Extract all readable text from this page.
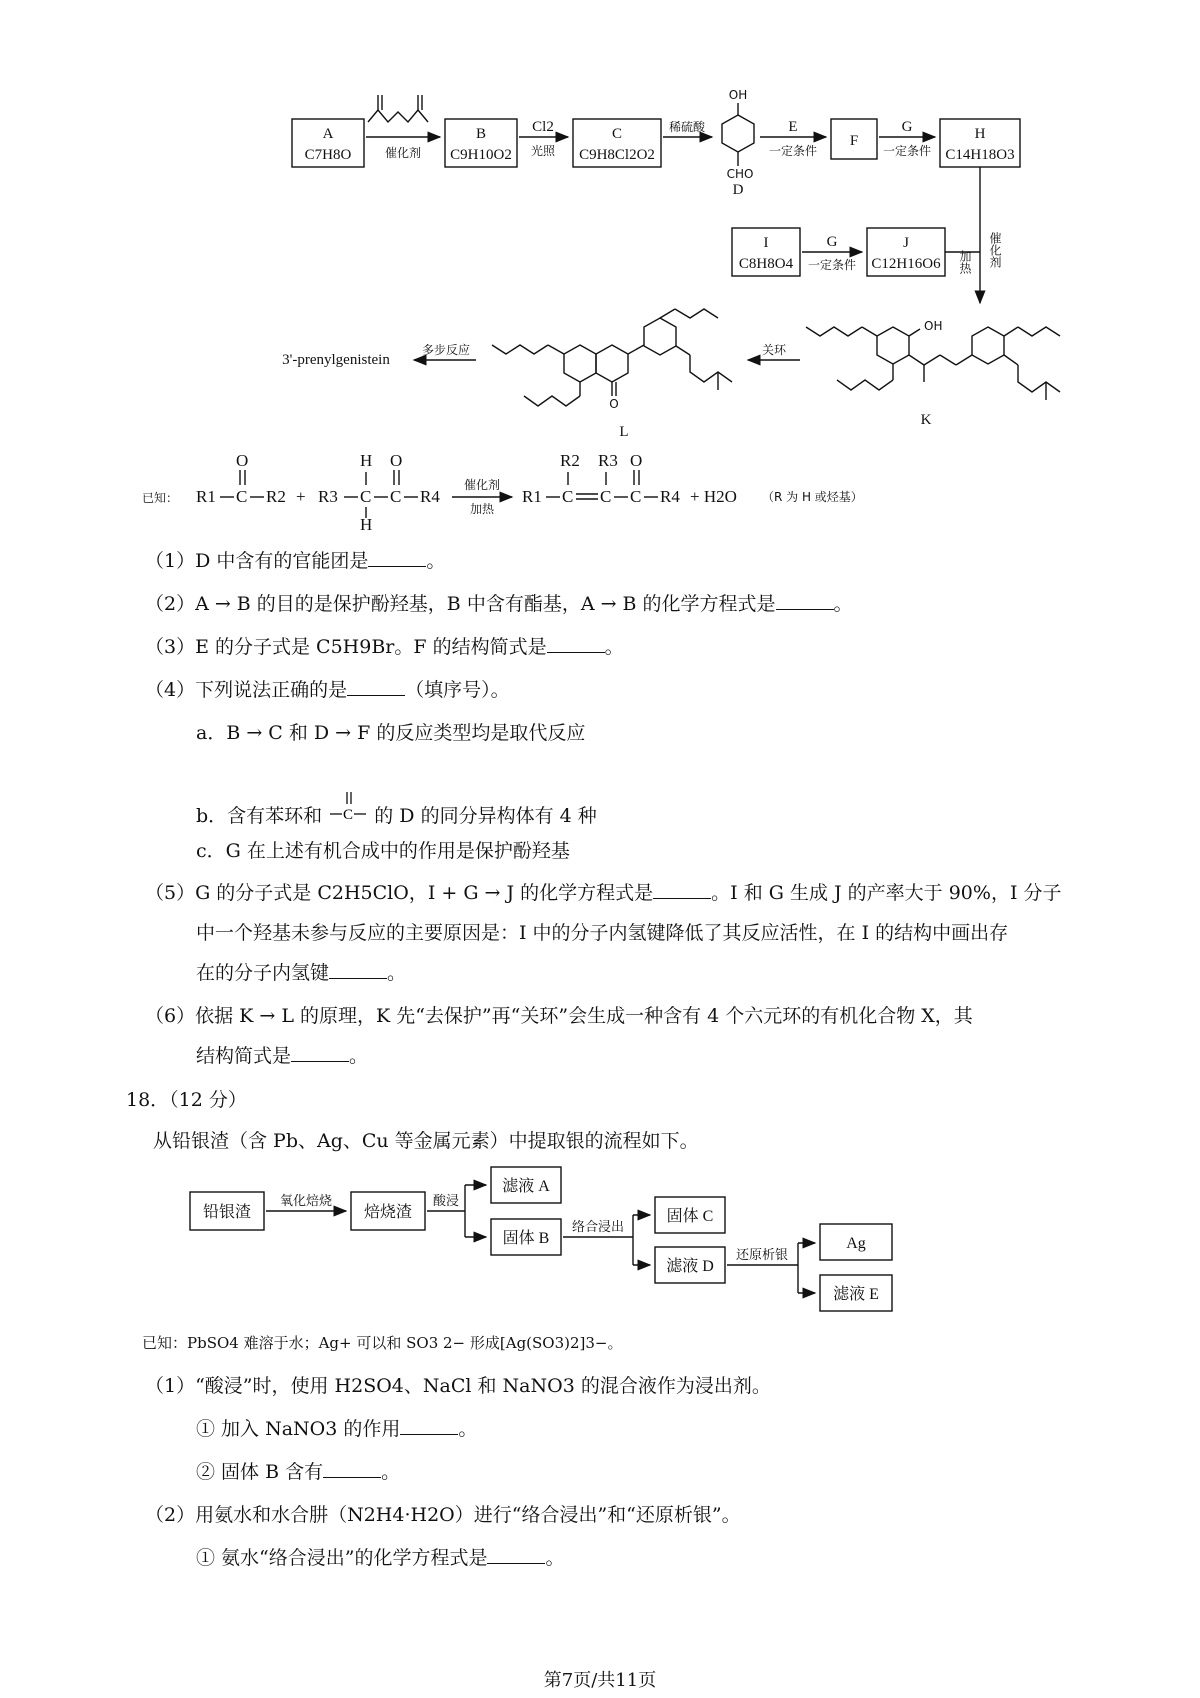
A
C7H8O	催化剂
B
C9H10O2
Cl2
光照
C
C9H8Cl2O2
稀硫酸
OH
CHO
D
E
一定条件
F
G
一定条件
H
C14H18O3
加热 催化剂
I
C8H8O4
G
一定条件
J
C12H16O6
OH
K
关环
O
L
多步反应
3'-prenylgenistein
已知： R1 C
O
R2 + R3 C
H
H
C
O
R4
催化剂
加热
R1 C
R2
C
R3
C
O
R4 + H2O （R 为 H 或烃基）
（1）D 中含有的官能团是	。
（2）A → B 的目的是保护酚羟基，B 中含有酯基，A → B 的化学方程式是	。
（3）E 的分子式是 C5H9Br。F 的结构简式是	。
（4）下列说法正确的是	（填序号）。
a．B → C 和 D → F 的反应类型均是取代反应
b．含有苯环和 C 的 D 的同分异构体有 4 种
c．G 在上述有机合成中的作用是保护酚羟基
（5）G 的分子式是 C2H5ClO，I + G → J 的化学方程式是	。I 和 G 生成 J 的产率大于 90%，I 分子
中一个羟基未参与反应的主要原因是：I 中的分子内氢键降低了其反应活性，在 I 的结构中画出存
在的分子内氢键	。
（6）依据 K → L 的原理，K 先“去保护”再“关环”会生成一种含有 4 个六元环的有机化合物 X，其
结构简式是	。
18．（12 分）
从铅银渣（含 Pb、Ag、Cu 等金属元素）中提取银的流程如下。
铅银渣
氧化焙烧
焙烧渣
酸浸
滤液 A
固体 B
络合浸出
固体 C
滤液 D
还原析银
Ag
滤液 E
已知：PbSO4 难溶于水；Ag+ 可以和 SO3 2− 形成[Ag(SO3)2]3−。
（1）“酸浸”时，使用 H2SO4、NaCl 和 NaNO3 的混合液作为浸出剂。
① 加入 NaNO3 的作用	。
② 固体 B 含有	。
（2）用氨水和水合肼（N2H4·H2O）进行“络合浸出”和“还原析银”。
① 氨水“络合浸出”的化学方程式是	。
第7页/共11页
